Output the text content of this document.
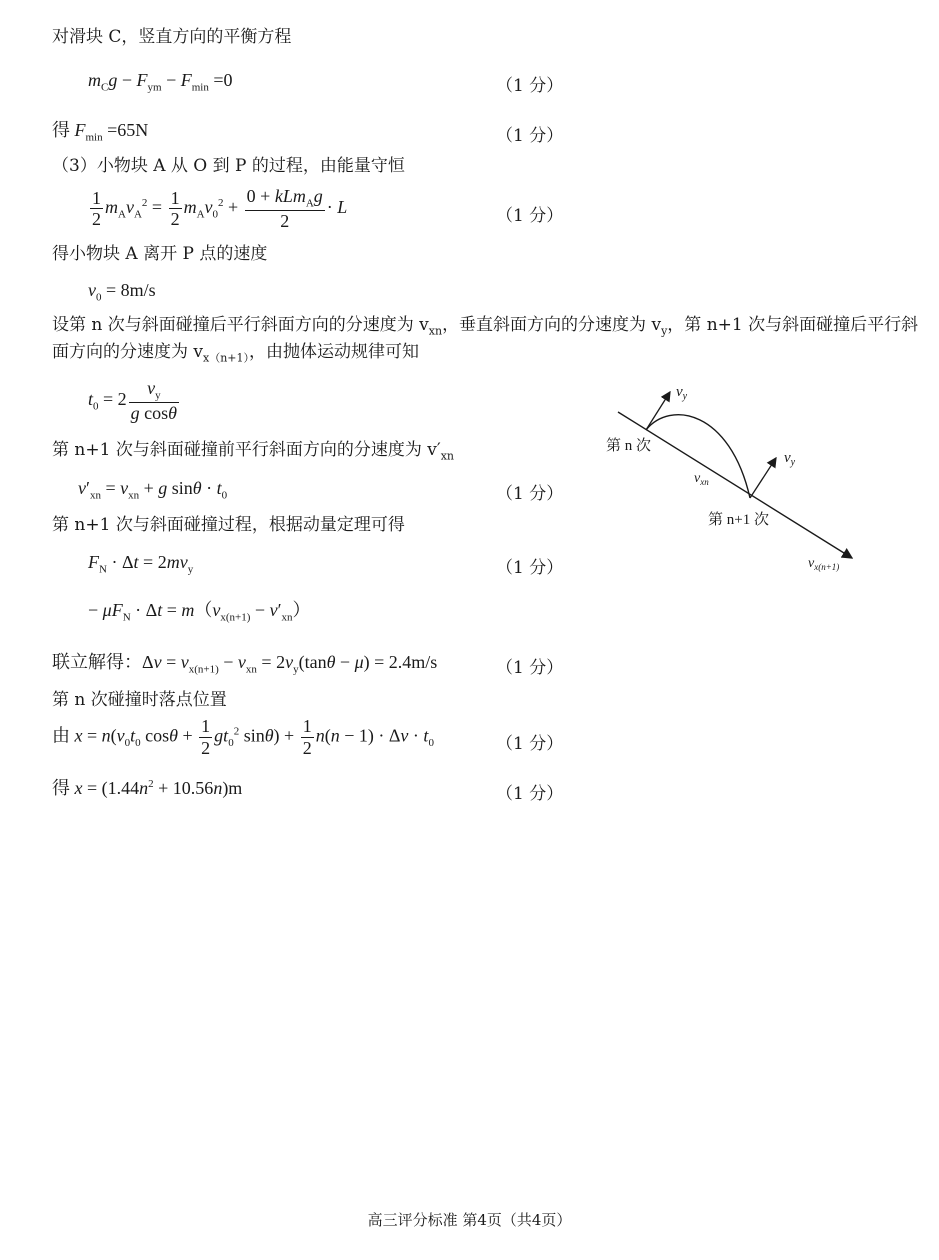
对滑块 C，竖直方向的平衡方程
$m_Cg - F_{ym} - F_{min} =0$	（1 分）
得 $F_{min} =65N$	（1 分）
（3）小物块 A 从 O 到 P 的过程，由能量守恒
$\frac{1}{2} m_Av_A^2 = \frac{1}{2} m_Av_0^2 + \frac{0 + kLm_Ag}{2} \cdot L$	（1 分）
得小物块 A 离开 P 点的速度
$v_0 = 8m/s$
设第 n 次与斜面碰撞后平行斜面方向的分速度为 $v_{xn}$，垂直斜面方向的分速度为 $v_y$，第 n+1 次与斜面碰撞后平行斜
面方向的分速度为 $v_{x(n+1)}$，由抛体运动规律可知
$t_0 = 2 \frac{v_y}{\text{g cosθ}}$
第 n+1 次与斜面碰撞前平行斜面方向的分速度为 $v'_{xn}$
$v'_{xn} = v_{xn} + g$ $\sin\theta \cdot t_0$	（1 分）
第 n+1 次与斜面碰撞过程，根据动量定理可得
$F_N \cdot \Delta t = 2mv_y$	（1 分）
− $\mu F_N \cdot \Delta t = m(v_{x(n+1)} - v'_{xn})$
联立解得：$\Delta v = v_{x(n+1)} - v_{xn} = 2v_y(\tan\theta - \mu) = 2.4m/s$	（1 分）
第 n 次碰撞时落点位置
由 $x = n(v_0t_0$ $\cos\theta + \frac{1}{2} gt_0^2$ $\sin\theta) + \frac{1}{2} n(n - 1) \cdot \Delta v \cdot t_0$	（1 分）
得 $x = (1.44n^2 + 10.56n)m$	（1 分）
$v_y$
$v_y$
第 n 次
$v_{xn}$
第 n+1 次
$v_{x(n+1)}$
高三评分标准 第4页（共4页）
